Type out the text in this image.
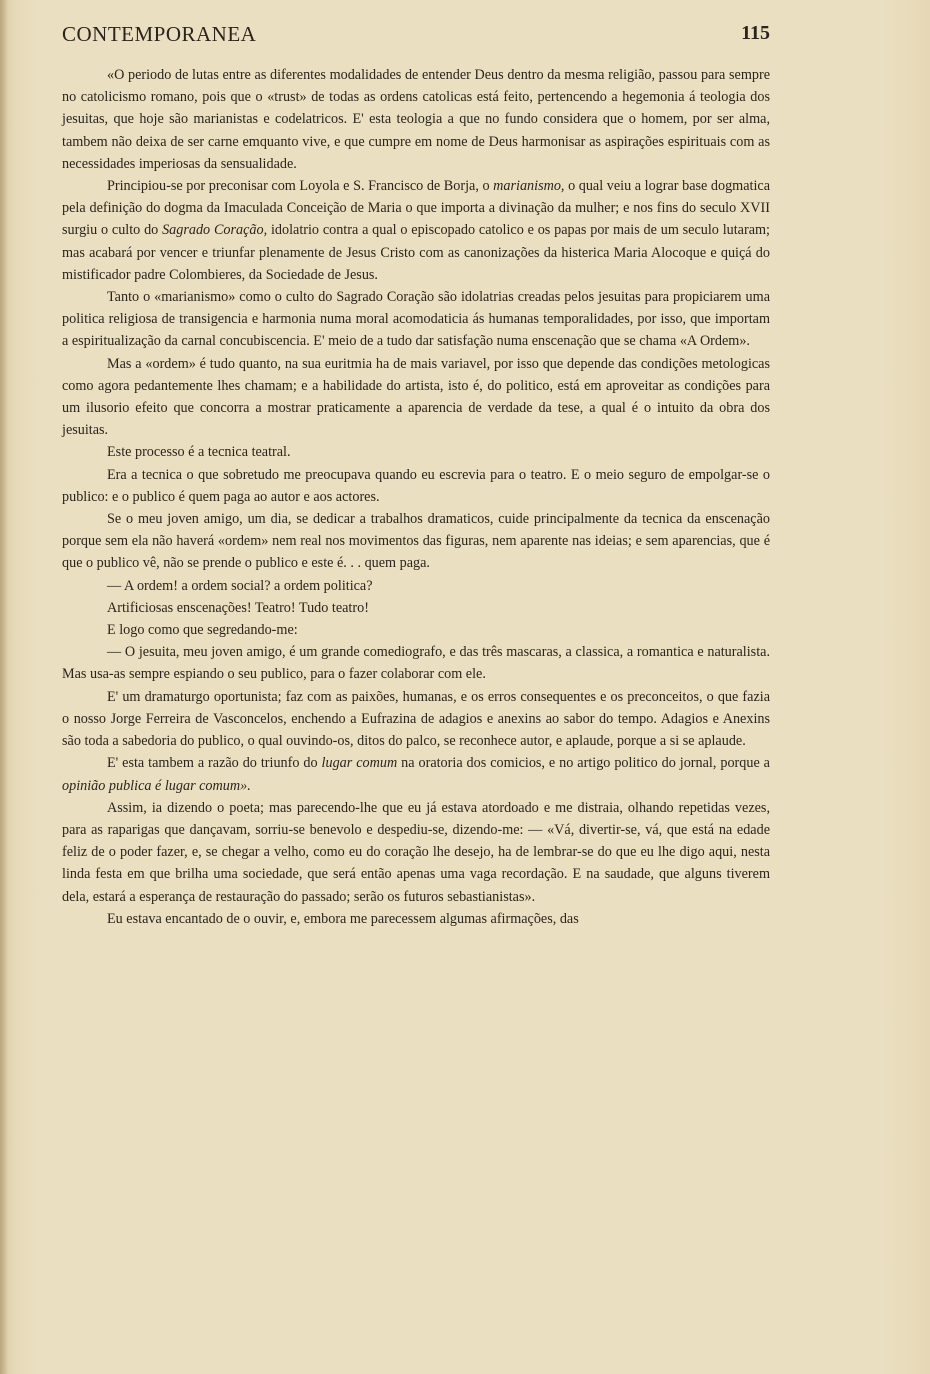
CONTEMPORANEA	115

«O periodo de lutas entre as diferentes modalidades de entender Deus dentro da mesma religião, passou para sempre no catolicismo romano, pois que o «trust» de todas as ordens catolicas está feito, pertencendo a hegemonia á teologia dos jesuitas, que hoje são marianistas e codelatricos. E' esta teologia a que no fundo considera que o homem, por ser alma, tambem não deixa de ser carne emquanto vive, e que cumpre em nome de Deus harmonisar as aspirações espirituais com as necessidades imperiosas da sensualidade.

Principiou-se por preconisar com Loyola e S. Francisco de Borja, o marianismo, o qual veiu a lograr base dogmatica pela definição do dogma da Imaculada Conceição de Maria o que importa a divinação da mulher; e nos fins do seculo XVII surgiu o culto do Sagrado Coração, idolatrio contra a qual o episcopado catolico e os papas por mais de um seculo lutaram; mas acabará por vencer e triunfar plenamente de Jesus Cristo com as canonizações da histerica Maria Alocoque e quiçá do mistificador padre Colombieres, da Sociedade de Jesus.

Tanto o «marianismo» como o culto do Sagrado Coração são idolatrias creadas pelos jesuitas para propiciarem uma politica religiosa de transigencia e harmonia numa moral acomodaticia ás humanas temporalidades, por isso, que importam a espiritualização da carnal concubiscencia. E' meio de a tudo dar satisfação numa enscenação que se chama «A Ordem».

Mas a «ordem» é tudo quanto, na sua euritmia ha de mais variavel, por isso que depende das condições metologicas como agora pedantemente lhes chamam; e a habilidade do artista, isto é, do politico, está em aproveitar as condições para um ilusorio efeito que concorra a mostrar praticamente a aparencia de verdade da tese, a qual é o intuito da obra dos jesuitas.

Este processo é a tecnica teatral.

Era a tecnica o que sobretudo me preocupava quando eu escrevia para o teatro. E o meio seguro de empolgar-se o publico: e o publico é quem paga ao autor e aos actores.

Se o meu joven amigo, um dia, se dedicar a trabalhos dramaticos, cuide principalmente da tecnica da enscenação porque sem ela não haverá «ordem» nem real nos movimentos das figuras, nem aparente nas ideias; e sem aparencias, que é que o publico vê, não se prende o publico e este é. . . quem paga.

— A ordem! a ordem social? a ordem politica?

Artificiosas enscenações! Teatro! Tudo teatro!

E logo como que segredando-me:

— O jesuita, meu joven amigo, é um grande comediografo, e das três mascaras, a classica, a romantica e naturalista. Mas usa-as sempre espiando o seu publico, para o fazer colaborar com ele.

E' um dramaturgo oportunista; faz com as paixões, humanas, e os erros consequentes e os preconceitos, o que fazia o nosso Jorge Ferreira de Vasconcelos, enchendo a Eufrazina de adagios e anexins ao sabor do tempo. Adagios e Anexins são toda a sabedoria do publico, o qual ouvindo-os, ditos do palco, se reconhece autor, e aplaude, porque a si se aplaude.

E' esta tambem a razão do triunfo do lugar comum na oratoria dos comicios, e no artigo politico do jornal, porque a opinião publica é lugar comum».

Assim, ia dizendo o poeta; mas parecendo-lhe que eu já estava atordoado e me distraia, olhando repetidas vezes, para as raparigas que dançavam, sorriu-se benevolo e despediu-se, dizendo-me: — «Vá, divertir-se, vá, que está na edade feliz de o poder fazer, e, se chegar a velho, como eu do coração lhe desejo, ha de lembrar-se do que eu lhe digo aqui, nesta linda festa em que brilha uma sociedade, que será então apenas uma vaga recordação. E na saudade, que alguns tiverem dela, estará a esperança de restauração do passado; serão os futuros sebastianistas».

Eu estava encantado de o ouvir, e, embora me parecessem algumas afirmações, das
